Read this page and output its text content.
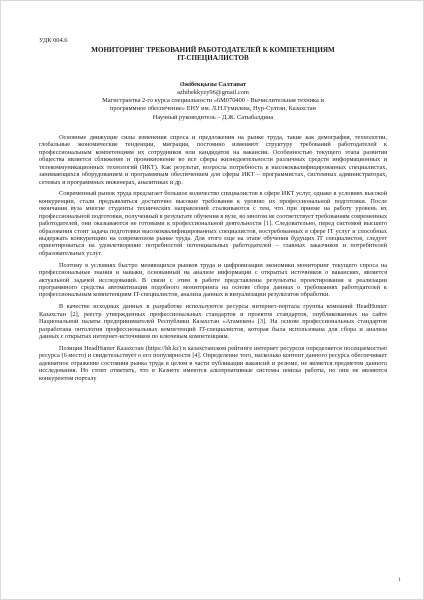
УДК 004.6
МОНИТОРИНГ ТРЕБОВАНИЙ РАБОТОДАТЕЛЕЙ К КОМПЕТЕНЦИЯМ
IT-СПЕЦИАЛИСТОВ
Әжібекқызы Салтанат
azhibekkyzy96@gmail.com
Магистрантка 2-го курса специальности «6M070400 - Вычислительная техника и
программное обеспечение» ЕНУ им. Л.Н.Гумилева, Нур-Султан, Казахстан
Научный руководитель – Д.Ж. Сатыбалдина

Основные движущие силы изменения спроса и предложения на рынке труда, такие как демография, технологии, глобальные экономические тенденции, миграция, постоянно изменяют структуру требований работодателей к профессиональным компетенциям их сотрудников или кандидатов на вакансии. Особенностью текущего этапа развития общества является сближение и проникновение во все сферы жизнедеятельности различных средств информационных и телекоммуникационных технологий (ИКТ). Как результат, возросла потребность в высококвалифицированных специалистах, занимающихся оборудованием и программным обеспечением для сферы ИКТ – программистах, системных администраторах, сетевых и программных инженерах, аналитиках и др.

Современный рынок труда предлагает большое количество специалистов в сфере ИКТ услуг, однако в условиях высокой конкуренции, стали предъявляться достаточно высокие требования к уровню их профессиональной подготовки. После окончания вуза многие студенты технических направлений сталкиваются с тем, что при приеме на работу уровень их профессиональной подготовки, полученный в результате обучения в вузе, во многом не соответствует требованиям современных работодателей, они оказываются не готовыми к профессиональной деятельности [1]. Следовательно, перед системой высшего образования стоит задача подготовки высококвалифицированных специалистов, востребованных в сфере IT услуг и способных выдержать конкуренцию на современном рынке труда. Для этого еще на этапе обучения будущих IT специалистов, следует ориентироваться на удовлетворение потребностей потенциальных работодателей – главных заказчиков и потребителей образовательных услуг.

Поэтому в условиях быстро меняющихся рынков труда и цифровизации экономики мониторинг текущего спроса на профессиональные знания и навыки, основанный на анализе информации с открытых источников о вакансиях, является актуальной задачей исследований. В связи с этим в работе представлены результаты проектирования и реализации программного средства автоматизации подобного мониторинга на основе сбора данных о требованиях работодателей к профессиональным компетенциям IT-специалистов, анализа данных и визуализации результатов обработки.

В качестве исходных данных в разработке используются ресурсы интернет-портала группы компаний HeadHunter Казахстан [2], реестр утвержденных профессиональных стандартов и проектов стандартов, опубликованных на сайте Национальной палаты предпринимателей Республики Казахстан «Атамекен» [3]. На основе профессиональных стандартов разработана онтология профессиональных компетенций IT-специалистов, которая была использована для сбора и анализа данных с открытых интернет-источников по ключевым компетенциям.

Позиция HeadHunter Казахстан (https://hh.kz) в казахстанском рейтинге интернет ресурсов определяется посещаемостью ресурса (6 место) и свидетельствует о его популярности [4]. Определение того, насколько контент данного ресурса обеспечивает адекватное отражение состояния рынка труда в целом в части публикации вакансий и резюме, не является предметом данного исследования. Но стоит отметить, что в Казнете имеются альтернативные системы поиска работы, но они не являются конкурентом порталу

1
